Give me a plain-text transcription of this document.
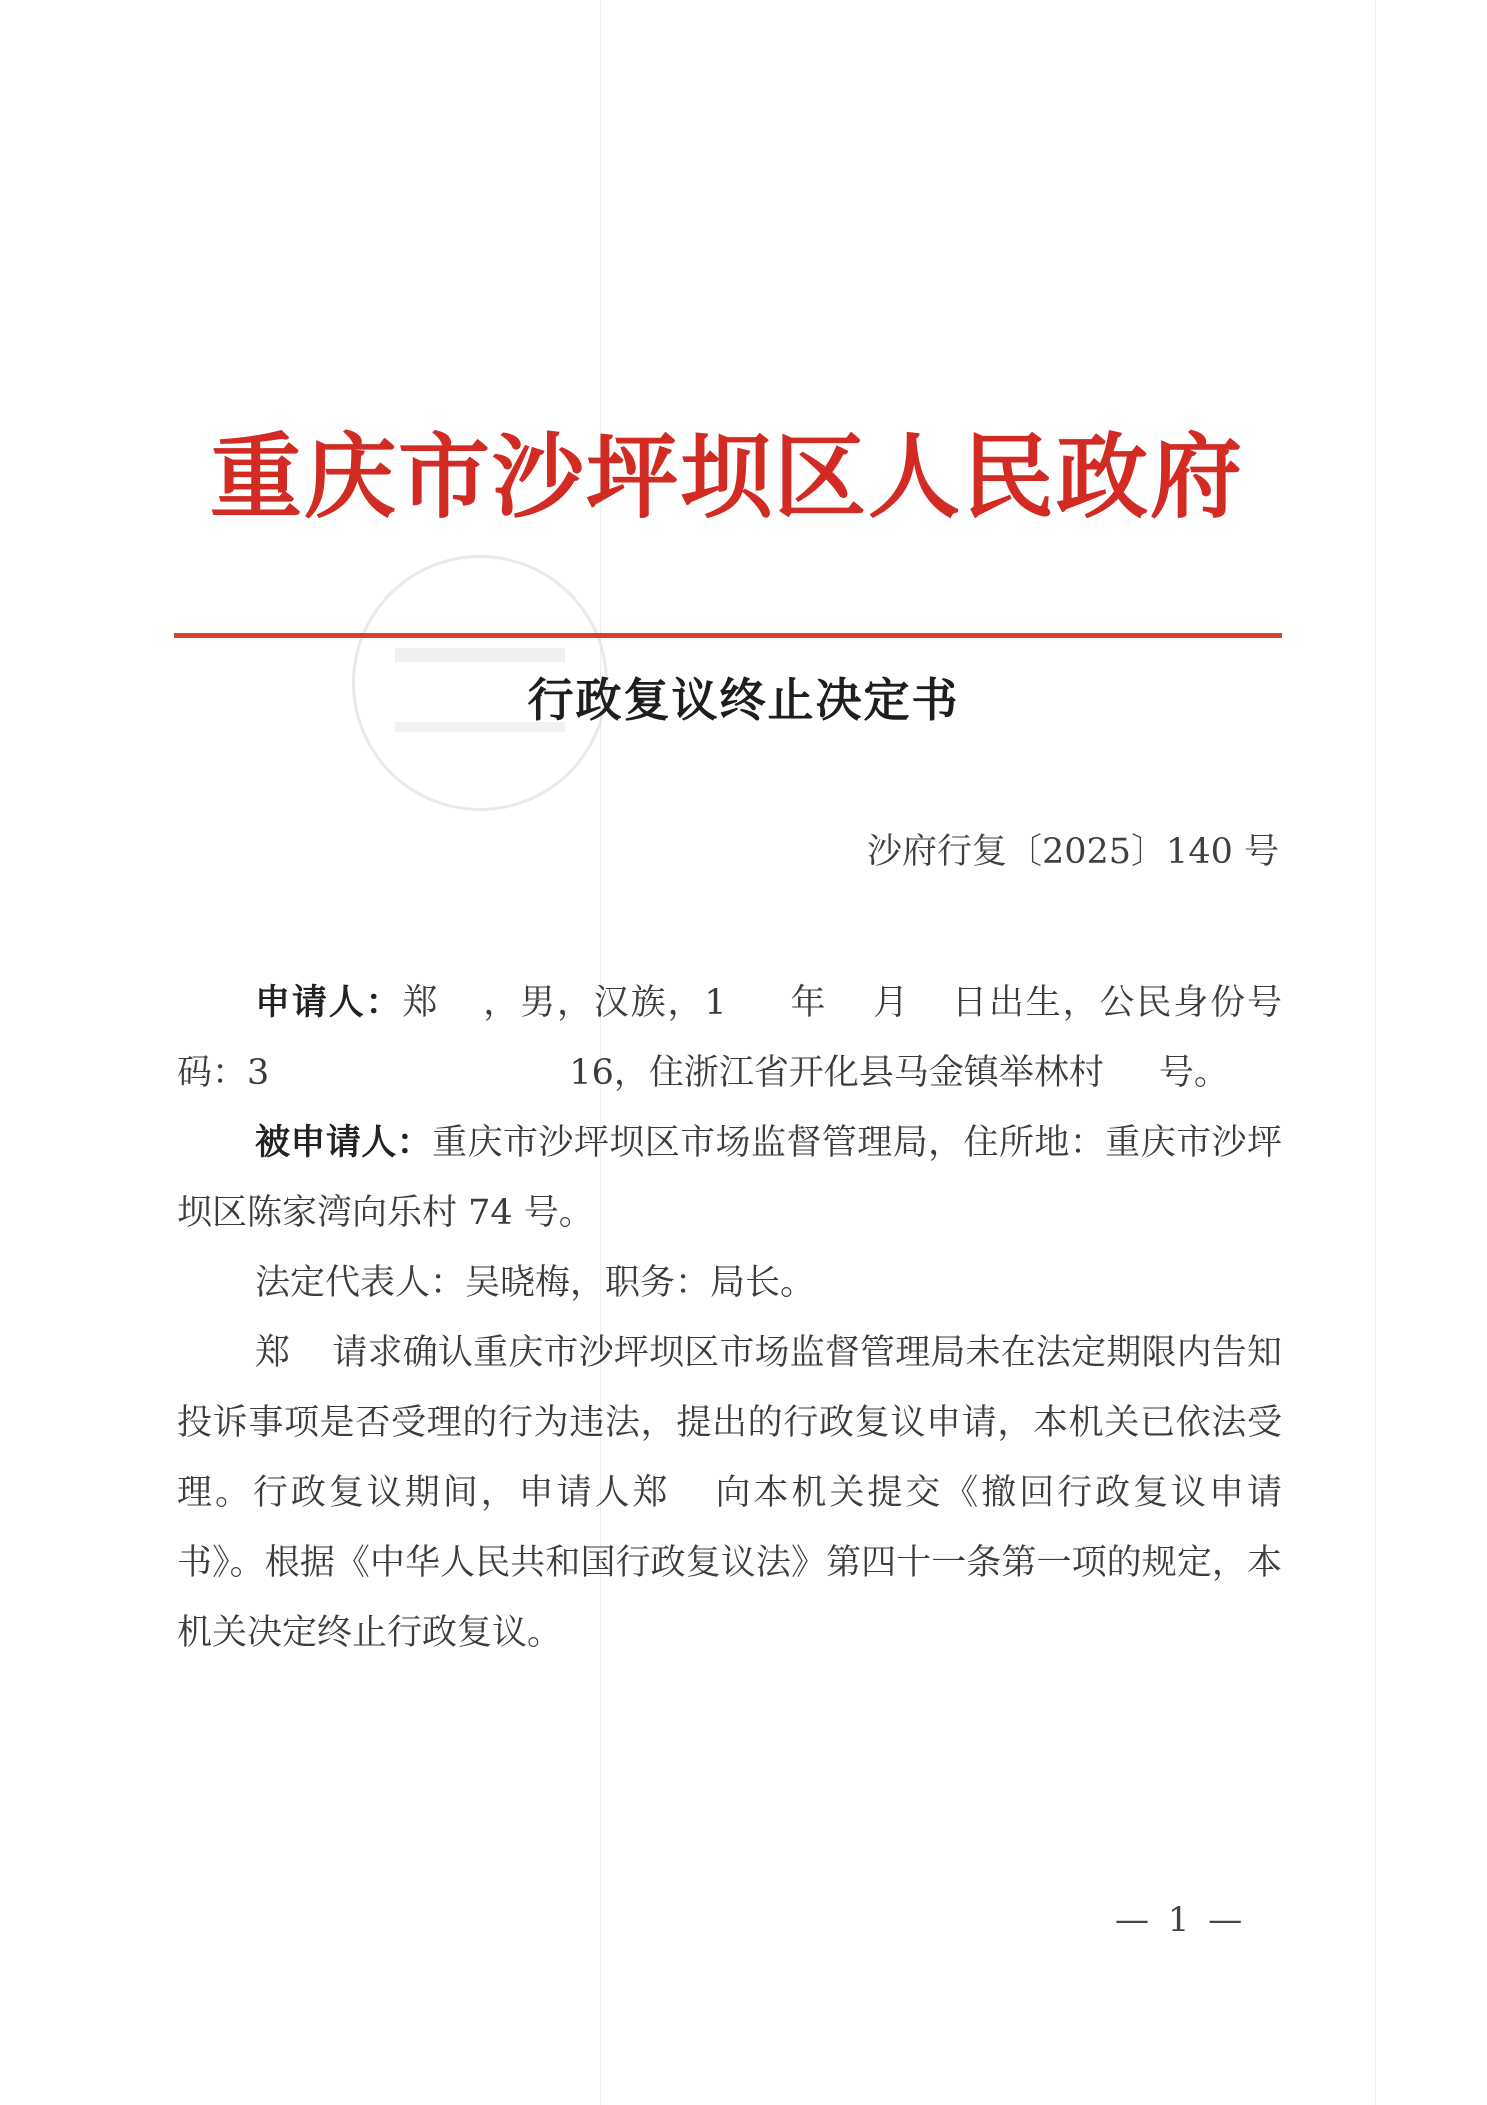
重庆市沙坪坝区人民政府
行政复议终止决定书
沙府行复〔2025〕140 号

申请人：郑 ，男，汉族，1 年 月 日出生，公民身份号码：3	16，住浙江省开化县马金镇举林村 号。

被申请人：重庆市沙坪坝区市场监督管理局，住所地：重庆市沙坪坝区陈家湾向乐村 74 号。

法定代表人：吴晓梅，职务：局长。

郑 请求确认重庆市沙坪坝区市场监督管理局未在法定期限内告知投诉事项是否受理的行为违法，提出的行政复议申请，本机关已依法受理。行政复议期间，申请人郑 向本机关提交《撤回行政复议申请书》。根据《中华人民共和国行政复议法》第四十一条第一项的规定，本机关决定终止行政复议。

— 1 —
